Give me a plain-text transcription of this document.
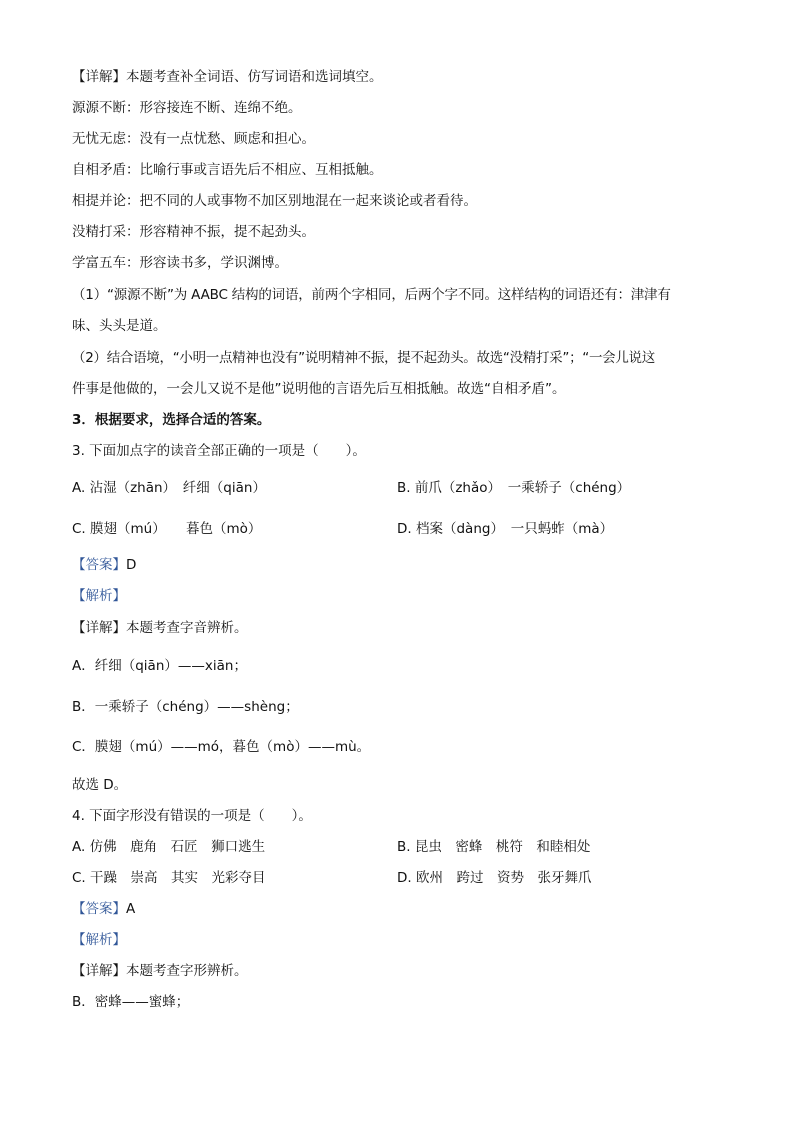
【详解】本题考查补全词语、仿写词语和选词填空。
源源不断：形容接连不断、连绵不绝。
无忧无虑：没有一点忧愁、顾虑和担心。
自相矛盾：比喻行事或言语先后不相应、互相抵触。
相提并论：把不同的人或事物不加区别地混在一起来谈论或者看待。
没精打采：形容精神不振，提不起劲头。
学富五车：形容读书多，学识渊博。
（1）“源源不断”为 AABC 结构的词语，前两个字相同，后两个字不同。这样结构的词语还有：津津有
味、头头是道。
（2）结合语境，“小明一点精神也没有”说明精神不振，提不起劲头。故选“没精打采”；“一会儿说这
件事是他做的，一会儿又说不是他”说明他的言语先后互相抵触。故选“自相矛盾”。
3．根据要求，选择合适的答案。
3. 下面加点字的读音全部正确的一项是（　　）。
A. 沾湿（zhān）　纤细（qiān）	B. 前爪（zhǎo）　一乘轿子（chéng）
C. 膜翅（mú）　　暮色（mò）	D. 档案（dàng）　一只蚂蚱（mà）
【答案】D
【解析】
【详解】本题考查字音辨析。
A．纤细（qiān）——xiān；
B．一乘轿子（chéng）——shèng；
C．膜翅（mú）——mó，暮色（mò）——mù。
故选 D。
4. 下面字形没有错误的一项是（　　）。
A. 仿佛　鹿角　石匠　狮口逃生	B. 昆虫　密蜂　桃符　和睦相处
C. 干躁　崇高　其实　光彩夺目	D. 欧州　跨过　资势　张牙舞爪
【答案】A
【解析】
【详解】本题考查字形辨析。
B．密蜂——蜜蜂；
